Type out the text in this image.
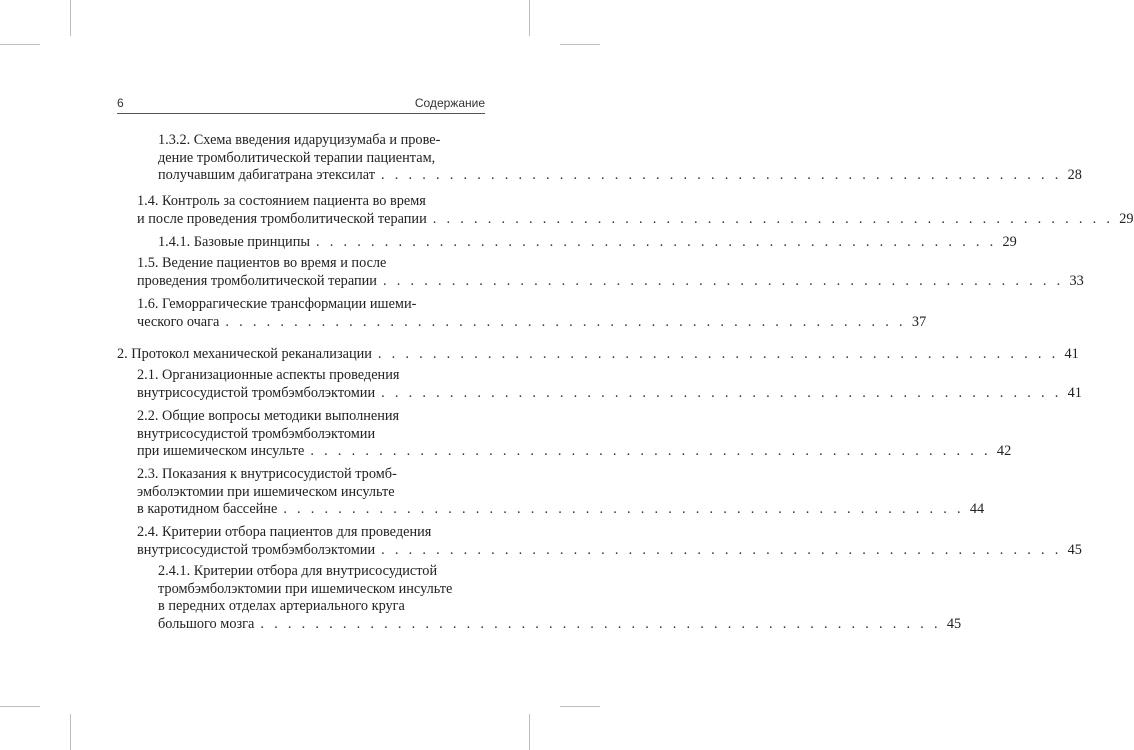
6	Содержание
1.3.2. Схема введения идаруцизумаба и прове-
дение тромболитической терапии пациентам,
получавшим дабигатрана этексилат . . . . . . . . . . . . . . . . . . . . . . . . . . . . . . . . . . . . . . . . . . . . . . . . . . 28
1.4. Контроль за состоянием пациента во время
и после проведения тромболитической терапии . . . . . . . . . . . . . . . . . . . . . . . . . . . . . . . . . . . . . . . . . . . . . . . . . . 29
1.4.1. Базовые принципы . . . . . . . . . . . . . . . . . . . . . . . . . . . . . . . . . . . . . . . . . . . . . . . . . . 29
1.5. Ведение пациентов во время и после
проведения тромболитической терапии . . . . . . . . . . . . . . . . . . . . . . . . . . . . . . . . . . . . . . . . . . . . . . . . . . 33
1.6. Геморрагические трансформации ишеми-
ческого очага . . . . . . . . . . . . . . . . . . . . . . . . . . . . . . . . . . . . . . . . . . . . . . . . . . 37
2. Протокол механической реканализации . . . . . . . . . . . . . . . . . . . . . . . . . . . . . . . . . . . . . . . . . . . . . . . . . . 41
2.1. Организационные аспекты проведения
внутрисосудистой тромбэмболэктомии . . . . . . . . . . . . . . . . . . . . . . . . . . . . . . . . . . . . . . . . . . . . . . . . . . 41
2.2. Общие вопросы методики выполнения
внутрисосудистой тромбэмболэктомии
при ишемическом инсульте . . . . . . . . . . . . . . . . . . . . . . . . . . . . . . . . . . . . . . . . . . . . . . . . . . 42
2.3. Показания к внутрисосудистой тромб-
эмболэктомии при ишемическом инсульте
в каротидном бассейне . . . . . . . . . . . . . . . . . . . . . . . . . . . . . . . . . . . . . . . . . . . . . . . . . . 44
2.4. Критерии отбора пациентов для проведения
внутрисосудистой тромбэмболэктомии . . . . . . . . . . . . . . . . . . . . . . . . . . . . . . . . . . . . . . . . . . . . . . . . . . 45
2.4.1. Критерии отбора для внутрисосудистой
тромбэмболэктомии при ишемическом инсульте
в передних отделах артериального круга
большого мозга . . . . . . . . . . . . . . . . . . . . . . . . . . . . . . . . . . . . . . . . . . . . . . . . . . 45
